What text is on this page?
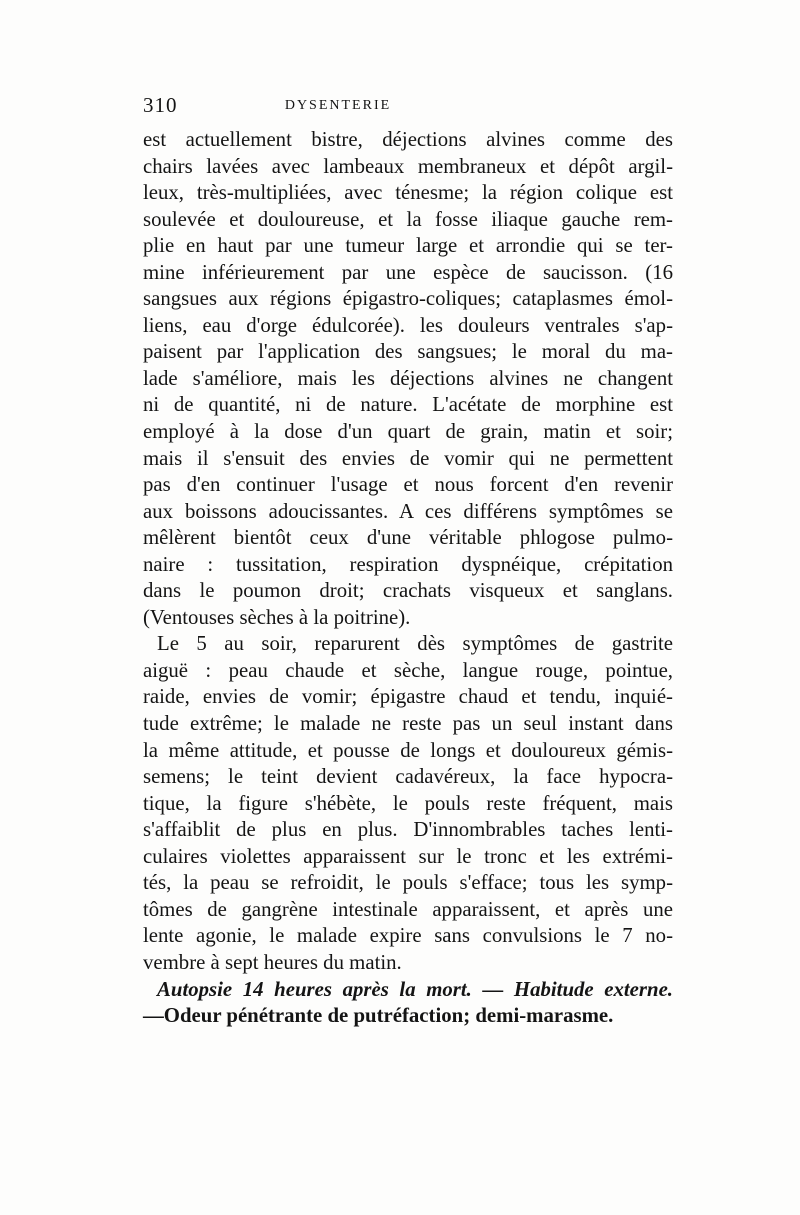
310	DYSENTERIE
est actuellement bistre, déjections alvines comme des
chairs lavées avec lambeaux membraneux et dépôt argil-
leux, très-multipliées, avec ténesme; la région colique est
soulevée et douloureuse, et la fosse iliaque gauche rem-
plie en haut par une tumeur large et arrondie qui se ter-
mine inférieurement par une espèce de saucisson. (16
sangsues aux régions épigastro-coliques; cataplasmes émol-
liens, eau d'orge édulcorée). les douleurs ventrales s'ap-
paisent par l'application des sangsues; le moral du ma-
lade s'améliore, mais les déjections alvines ne changent
ni de quantité, ni de nature. L'acétate de morphine est
employé à la dose d'un quart de grain, matin et soir;
mais il s'ensuit des envies de vomir qui ne permettent
pas d'en continuer l'usage et nous forcent d'en revenir
aux boissons adoucissantes. A ces différens symptômes se
mêlèrent bientôt ceux d'une véritable phlogose pulmo-
naire : tussitation, respiration dyspnéique, crépitation
dans le poumon droit; crachats visqueux et sanglans.
(Ventouses sèches à la poitrine).
Le 5 au soir, reparurent dès symptômes de gastrite
aiguë : peau chaude et sèche, langue rouge, pointue,
raide, envies de vomir; épigastre chaud et tendu, inquié-
tude extrême; le malade ne reste pas un seul instant dans
la même attitude, et pousse de longs et douloureux gémis-
semens; le teint devient cadavéreux, la face hypocra-
tique, la figure s'hébète, le pouls reste fréquent, mais
s'affaiblit de plus en plus. D'innombrables taches lenti-
culaires violettes apparaissent sur le tronc et les extrémi-
tés, la peau se refroidit, le pouls s'efface; tous les symp-
tômes de gangrène intestinale apparaissent, et après une
lente agonie, le malade expire sans convulsions le 7 no-
vembre à sept heures du matin.
Autopsie 14 heures après la mort. — Habitude externe.
—Odeur pénétrante de putréfaction; demi-marasme.
